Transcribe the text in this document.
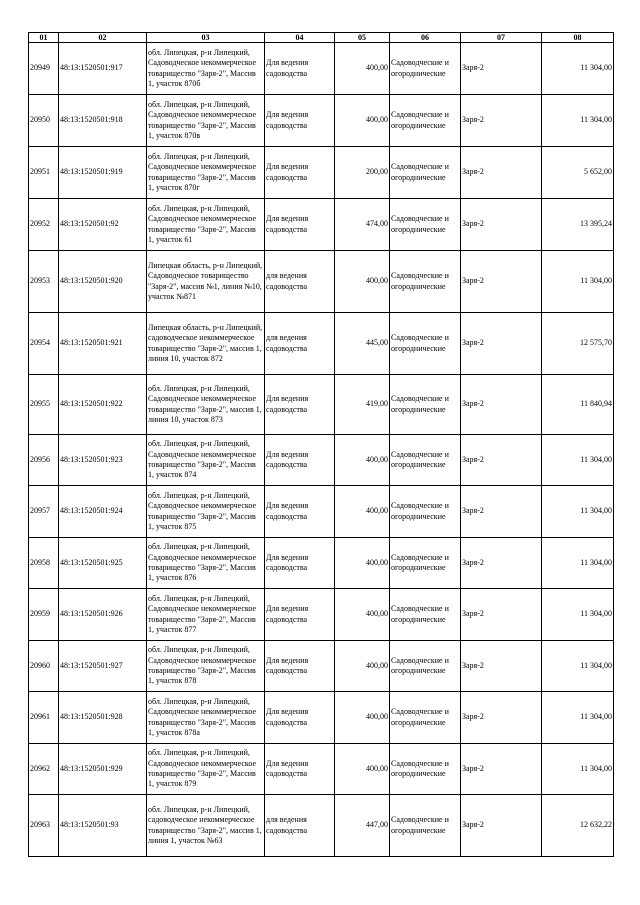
01	02	03	04	05	06	07	08

20949	48:13:1520501:917	обл. Липецкая, р-н Липецкий, Садоводческое некоммерческое товарищество "Заря-2", Массив 1, участок 870б	Для ведения садоводства	400,00	Садоводческие и огороднические	Заря-2	11 304,00

20950	48:13:1520501:918	обл. Липецкая, р-н Липецкий, Садоводческое некоммерческое товарищество "Заря-2", Массив 1, участок 870в	Для ведения садоводства	400,00	Садоводческие и огороднические	Заря-2	11 304,00

20951	48:13:1520501:919	обл. Липецкая, р-н Липецкий, Садоводческое некоммерческое товарищество "Заря-2", Массив 1, участок 870г	Для ведения садоводства	200,00	Садоводческие и огороднические	Заря-2	5 652,00

20952	48:13:1520501:92	обл. Липецкая, р-н Липецкий, Садоводческое некоммерческое товарищество "Заря-2", Массив 1, участок 61	Для ведения садоводства	474,00	Садоводческие и огороднические	Заря-2	13 395,24

20953	48:13:1520501:920	Липецкая область, р-н Липецкий, Садоводческое товарищество "Заря-2", массив №1, линия №10, участок №871	для ведения садоводства	400,00	Садоводческие и огороднические	Заря-2	11 304,00

20954	48:13:1520501:921	Липецкая область, р-н Липецкий, садоводческое некоммерческое товарищество "Заря-2", массив 1, линия 10, участок 872	для ведения садоводства	445,00	Садоводческие и огороднические	Заря-2	12 575,70

20955	48:13:1520501:922	обл. Липецкая, р-н Липецкий, Садоводческое некоммерческое товарищество "Заря-2", массив 1, линия 10, участок 873	Для ведения садоводства	419,00	Садоводческие и огороднические	Заря-2	11 840,94

20956	48:13:1520501:923	обл. Липецкая, р-н Липецкий, Садоводческое некоммерческое товарищество "Заря-2", Массив 1, участок 874	Для ведения садоводства	400,00	Садоводческие и огороднические	Заря-2	11 304,00

20957	48:13:1520501:924	обл. Липецкая, р-н Липецкий, Садоводческое некоммерческое товарищество "Заря-2", Массив 1, участок 875	Для ведения садоводства	400,00	Садоводческие и огороднические	Заря-2	11 304,00

20958	48:13:1520501:925	обл. Липецкая, р-н Липецкий, Садоводческое некоммерческое товарищество "Заря-2", Массив 1, участок 876	Для ведения садоводства	400,00	Садоводческие и огороднические	Заря-2	11 304,00

20959	48:13:1520501:926	обл. Липецкая, р-н Липецкий, Садоводческое некоммерческое товарищество "Заря-2", Массив 1, участок 877	Для ведения садоводства	400,00	Садоводческие и огороднические	Заря-2	11 304,00

20960	48:13:1520501:927	обл. Липецкая, р-н Липецкий, Садоводческое некоммерческое товарищество "Заря-2", Массив 1, участок 878	Для ведения садоводства	400,00	Садоводческие и огороднические	Заря-2	11 304,00

20961	48:13:1520501:928	обл. Липецкая, р-н Липецкий, Садоводческое некоммерческое товарищество "Заря-2", Массив 1, участок 878а	Для ведения садоводства	400,00	Садоводческие и огороднические	Заря-2	11 304,00

20962	48:13:1520501:929	обл. Липецкая, р-н Липецкий, Садоводческое некоммерческое товарищество "Заря-2", Массив 1, участок 879	Для ведения садоводства	400,00	Садоводческие и огороднические	Заря-2	11 304,00

20963	48:13:1520501:93	обл. Липецкая, р-н Липецкий, садоводческое некоммерческое товарищество "Заря-2", массив 1, линия 1, участок №63	для ведения садоводства	447,00	Садоводческие и огороднические	Заря-2	12 632,22
